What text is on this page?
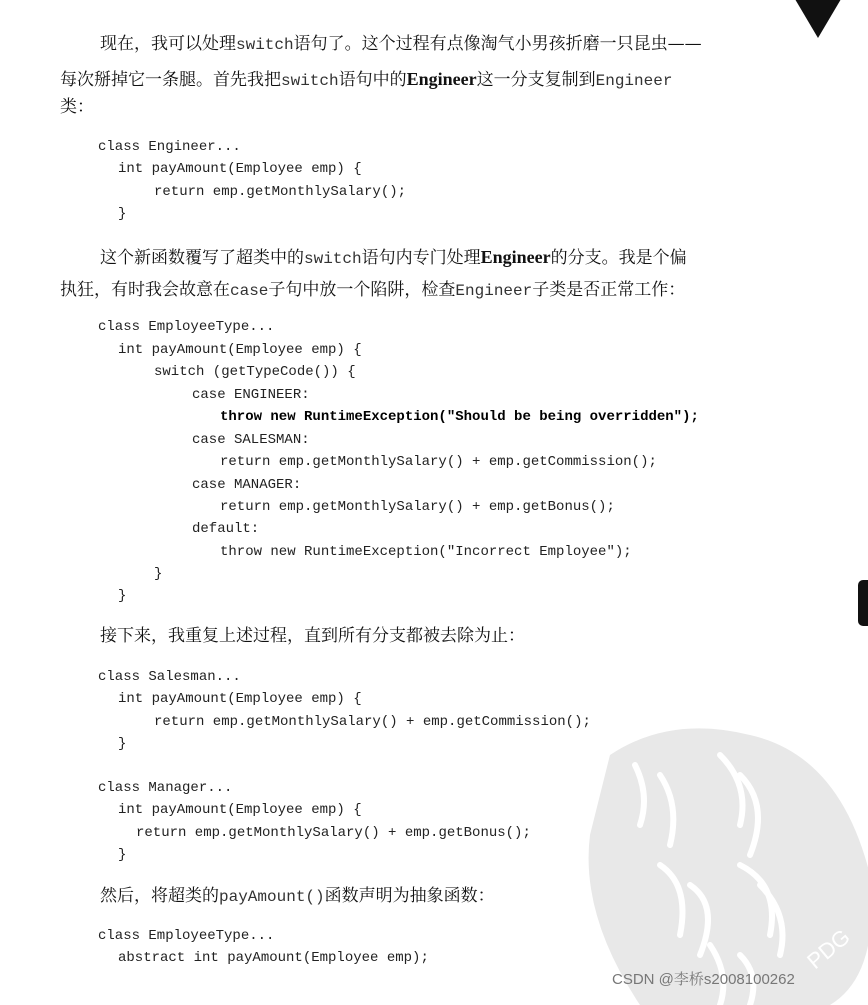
PDG
现在，我可以处理switch语句了。这个过程有点像淘气小男孩折磨一只昆虫——
每次掰掉它一条腿。首先我把switch语句中的Engineer这一分支复制到Engineer
类：
class Engineer...
int payAmount(Employee emp) {
return emp.getMonthlySalary();
}
这个新函数覆写了超类中的switch语句内专门处理Engineer的分支。我是个偏
执狂，有时我会故意在case子句中放一个陷阱，检查Engineer子类是否正常工作：
class EmployeeType...
int payAmount(Employee emp) {
switch (getTypeCode()) {
case ENGINEER:
throw new RuntimeException("Should be being overridden");
case SALESMAN:
return emp.getMonthlySalary() + emp.getCommission();
case MANAGER:
return emp.getMonthlySalary() + emp.getBonus();
default:
throw new RuntimeException("Incorrect Employee");
}
}
接下来，我重复上述过程，直到所有分支都被去除为止：
class Salesman...
int payAmount(Employee emp) {
return emp.getMonthlySalary() + emp.getCommission();
}
class Manager...
int payAmount(Employee emp) {
return emp.getMonthlySalary() + emp.getBonus();
}
然后，将超类的payAmount()函数声明为抽象函数：
class EmployeeType...
abstract int payAmount(Employee emp);
CSDN @李桥s2008100262
